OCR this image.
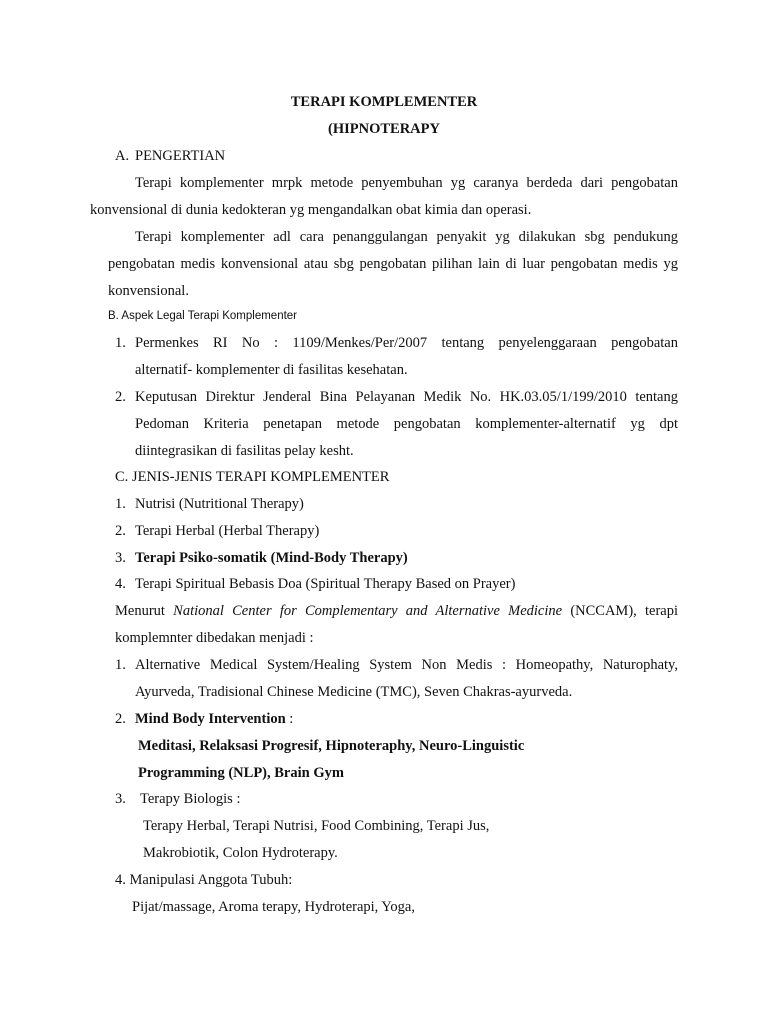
TERAPI KOMPLEMENTER
(HIPNOTERAPY
A. PENGERTIAN
Terapi komplementer mrpk metode penyembuhan yg caranya berdeda dari pengobatan
konvensional di dunia kedokteran yg mengandalkan obat kimia dan operasi.
Terapi komplementer adl cara penanggulangan penyakit yg dilakukan sbg pendukung
pengobatan medis konvensional atau sbg pengobatan pilihan lain di luar pengobatan medis yg
konvensional.
B. Aspek Legal Terapi Komplementer
1. Permenkes RI No : 1109/Menkes/Per/2007 tentang penyelenggaraan pengobatan
alternatif- komplementer di fasilitas kesehatan.
2. Keputusan Direktur Jenderal Bina Pelayanan Medik No. HK.03.05/1/199/2010 tentang
Pedoman Kriteria penetapan metode pengobatan komplementer-alternatif yg dpt
diintegrasikan di fasilitas pelay kesht.
C. JENIS-JENIS TERAPI KOMPLEMENTER
1. Nutrisi (Nutritional Therapy)
2. Terapi Herbal (Herbal Therapy)
3. Terapi Psiko-somatik (Mind-Body Therapy)
4. Terapi Spiritual Bebasis Doa (Spiritual Therapy Based on Prayer)
Menurut National Center for Complementary and Alternative Medicine (NCCAM), terapi
komplemnter dibedakan menjadi :
1. Alternative Medical System/Healing System Non Medis : Homeopathy, Naturophaty,
Ayurveda, Tradisional Chinese Medicine (TMC), Seven Chakras-ayurveda.
2. Mind Body Intervention :
Meditasi, Relaksasi Progresif, Hipnoteraphy, Neuro-Linguistic
Programming (NLP), Brain Gym
3. Terapy Biologis :
Terapy Herbal, Terapi Nutrisi, Food Combining, Terapi Jus,
Makrobiotik, Colon Hydroterapy.
4. Manipulasi Anggota Tubuh:
Pijat/massage, Aroma terapy, Hydroterapi, Yoga,
